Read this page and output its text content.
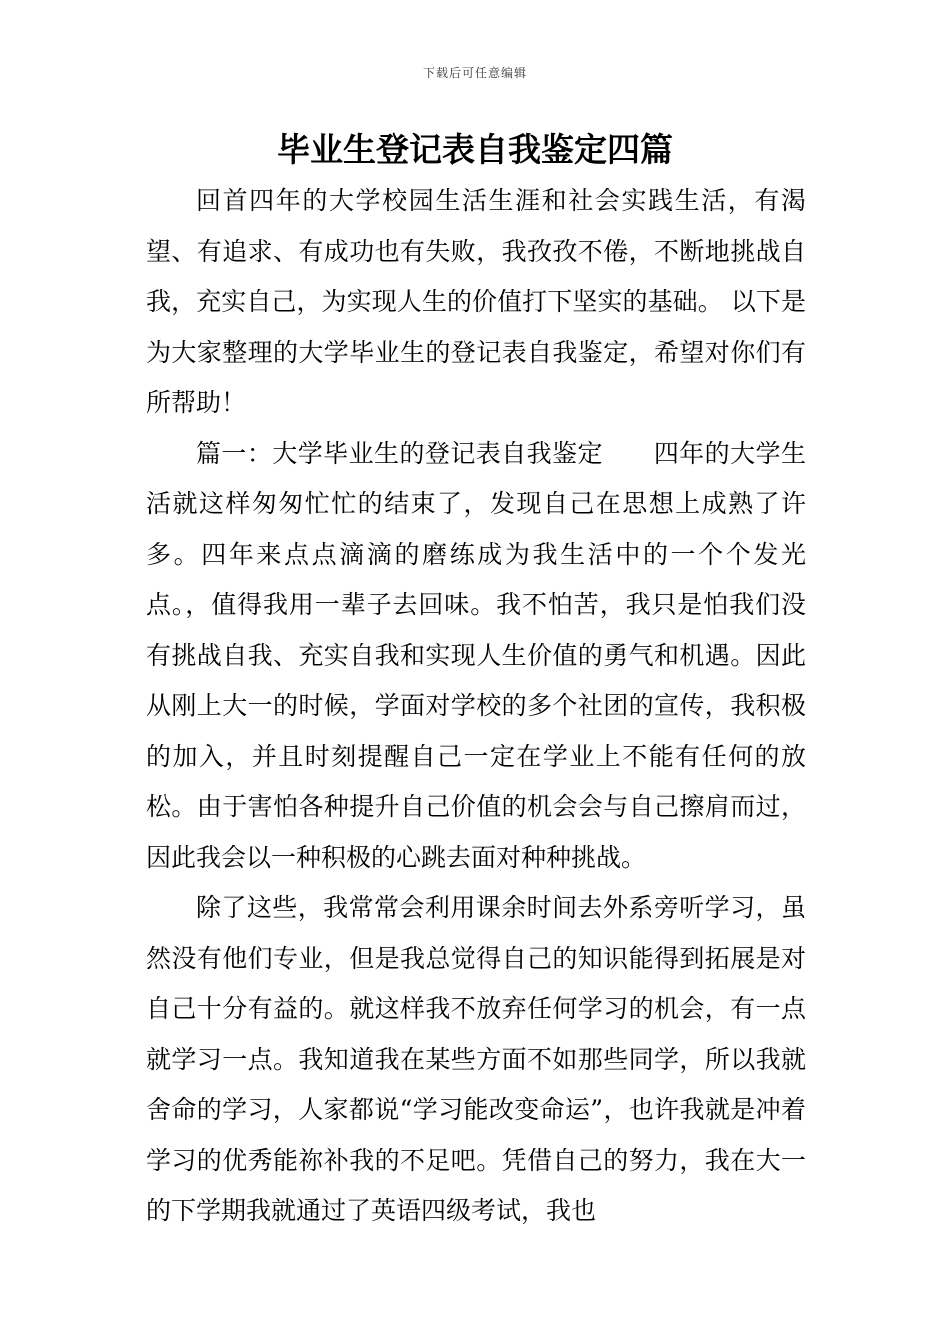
下载后可任意编辑
毕业生登记表自我鉴定四篇

回首四年的大学校园生活生涯和社会实践生活，有渴望、有追求、有成功也有失败，我孜孜不倦，不断地挑战自我，充实自己，为实现人生的价值打下坚实的基础。 以下是为大家整理的大学毕业生的登记表自我鉴定，希望对你们有所帮助！

篇一：大学毕业生的登记表自我鉴定　　四年的大学生活就这样匆匆忙忙的结束了，发现自己在思想上成熟了许多。四年来点点滴滴的磨练成为我生活中的一个个发光点。，值得我用一辈子去回味。我不怕苦，我只是怕我们没有挑战自我、充实自我和实现人生价值的勇气和机遇。因此从刚上大一的时候，学面对学校的多个社团的宣传，我积极的加入，并且时刻提醒自己一定在学业上不能有任何的放松。由于害怕各种提升自己价值的机会会与自己擦肩而过，因此我会以一种积极的心跳去面对种种挑战。

除了这些，我常常会利用课余时间去外系旁听学习，虽然没有他们专业，但是我总觉得自己的知识能得到拓展是对自己十分有益的。就这样我不放弃任何学习的机会，有一点就学习一点。我知道我在某些方面不如那些同学，所以我就舍命的学习，人家都说“学习能改变命运”，也许我就是冲着学习的优秀能祢补我的不足吧。凭借自己的努力，我在大一的下学期我就通过了英语四级考试，我也
